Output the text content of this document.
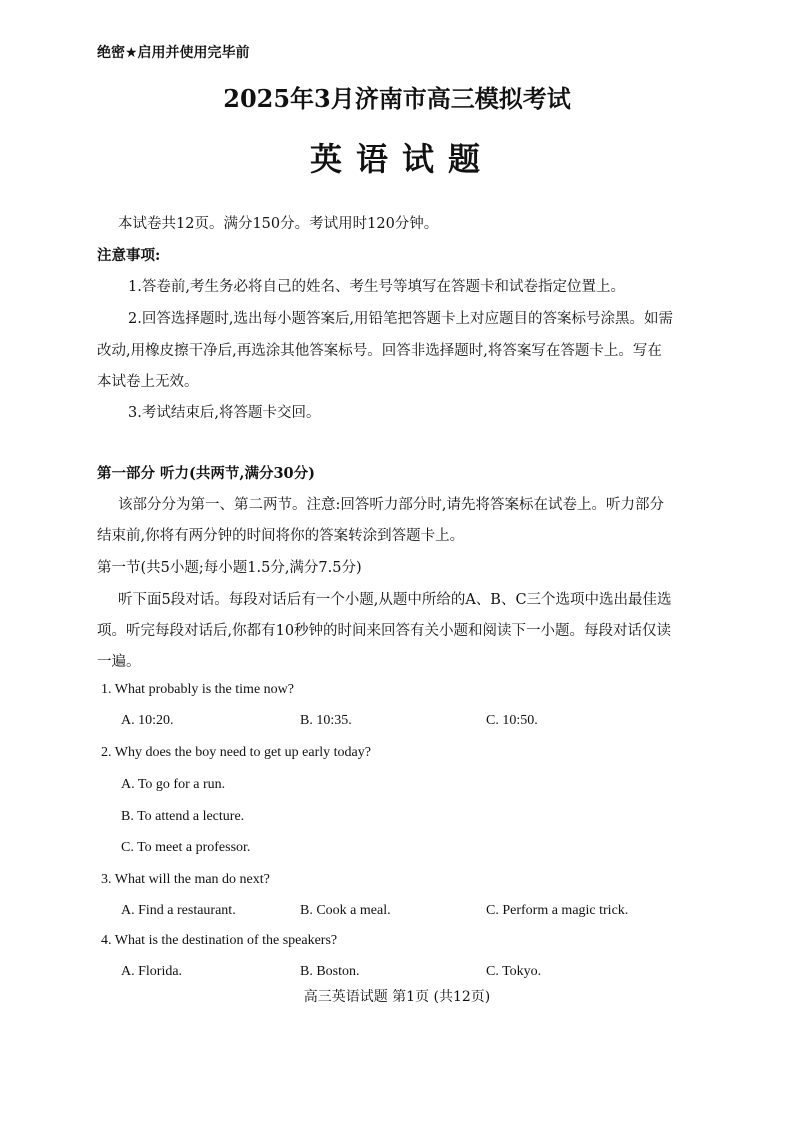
绝密★启用并使用完毕前
2025年3月济南市高三模拟考试
英语试题
本试卷共12页。满分150分。考试用时120分钟。
注意事项:
1.答卷前,考生务必将自己的姓名、考生号等填写在答题卡和试卷指定位置上。
2.回答选择题时,选出每小题答案后,用铅笔把答题卡上对应题目的答案标号涂黑。如需
改动,用橡皮擦干净后,再选涂其他答案标号。回答非选择题时,将答案写在答题卡上。写在
本试卷上无效。
3.考试结束后,将答题卡交回。
第一部分 听力(共两节,满分30分)
该部分分为第一、第二两节。注意:回答听力部分时,请先将答案标在试卷上。听力部分
结束前,你将有两分钟的时间将你的答案转涂到答题卡上。
第一节(共5小题;每小题1.5分,满分7.5分)
听下面5段对话。每段对话后有一个小题,从题中所给的A、B、C三个选项中选出最佳选
项。听完每段对话后,你都有10秒钟的时间来回答有关小题和阅读下一小题。每段对话仅读
一遍。
1. What probably is the time now?
A. 10:20.	B. 10:35.	C. 10:50.
2. Why does the boy need to get up early today?
A. To go for a run.
B. To attend a lecture.
C. To meet a professor.
3. What will the man do next?
A. Find a restaurant.	B. Cook a meal.	C. Perform a magic trick.
4. What is the destination of the speakers?
A. Florida.	B. Boston.	C. Tokyo.
高三英语试题 第1页 (共12页)
